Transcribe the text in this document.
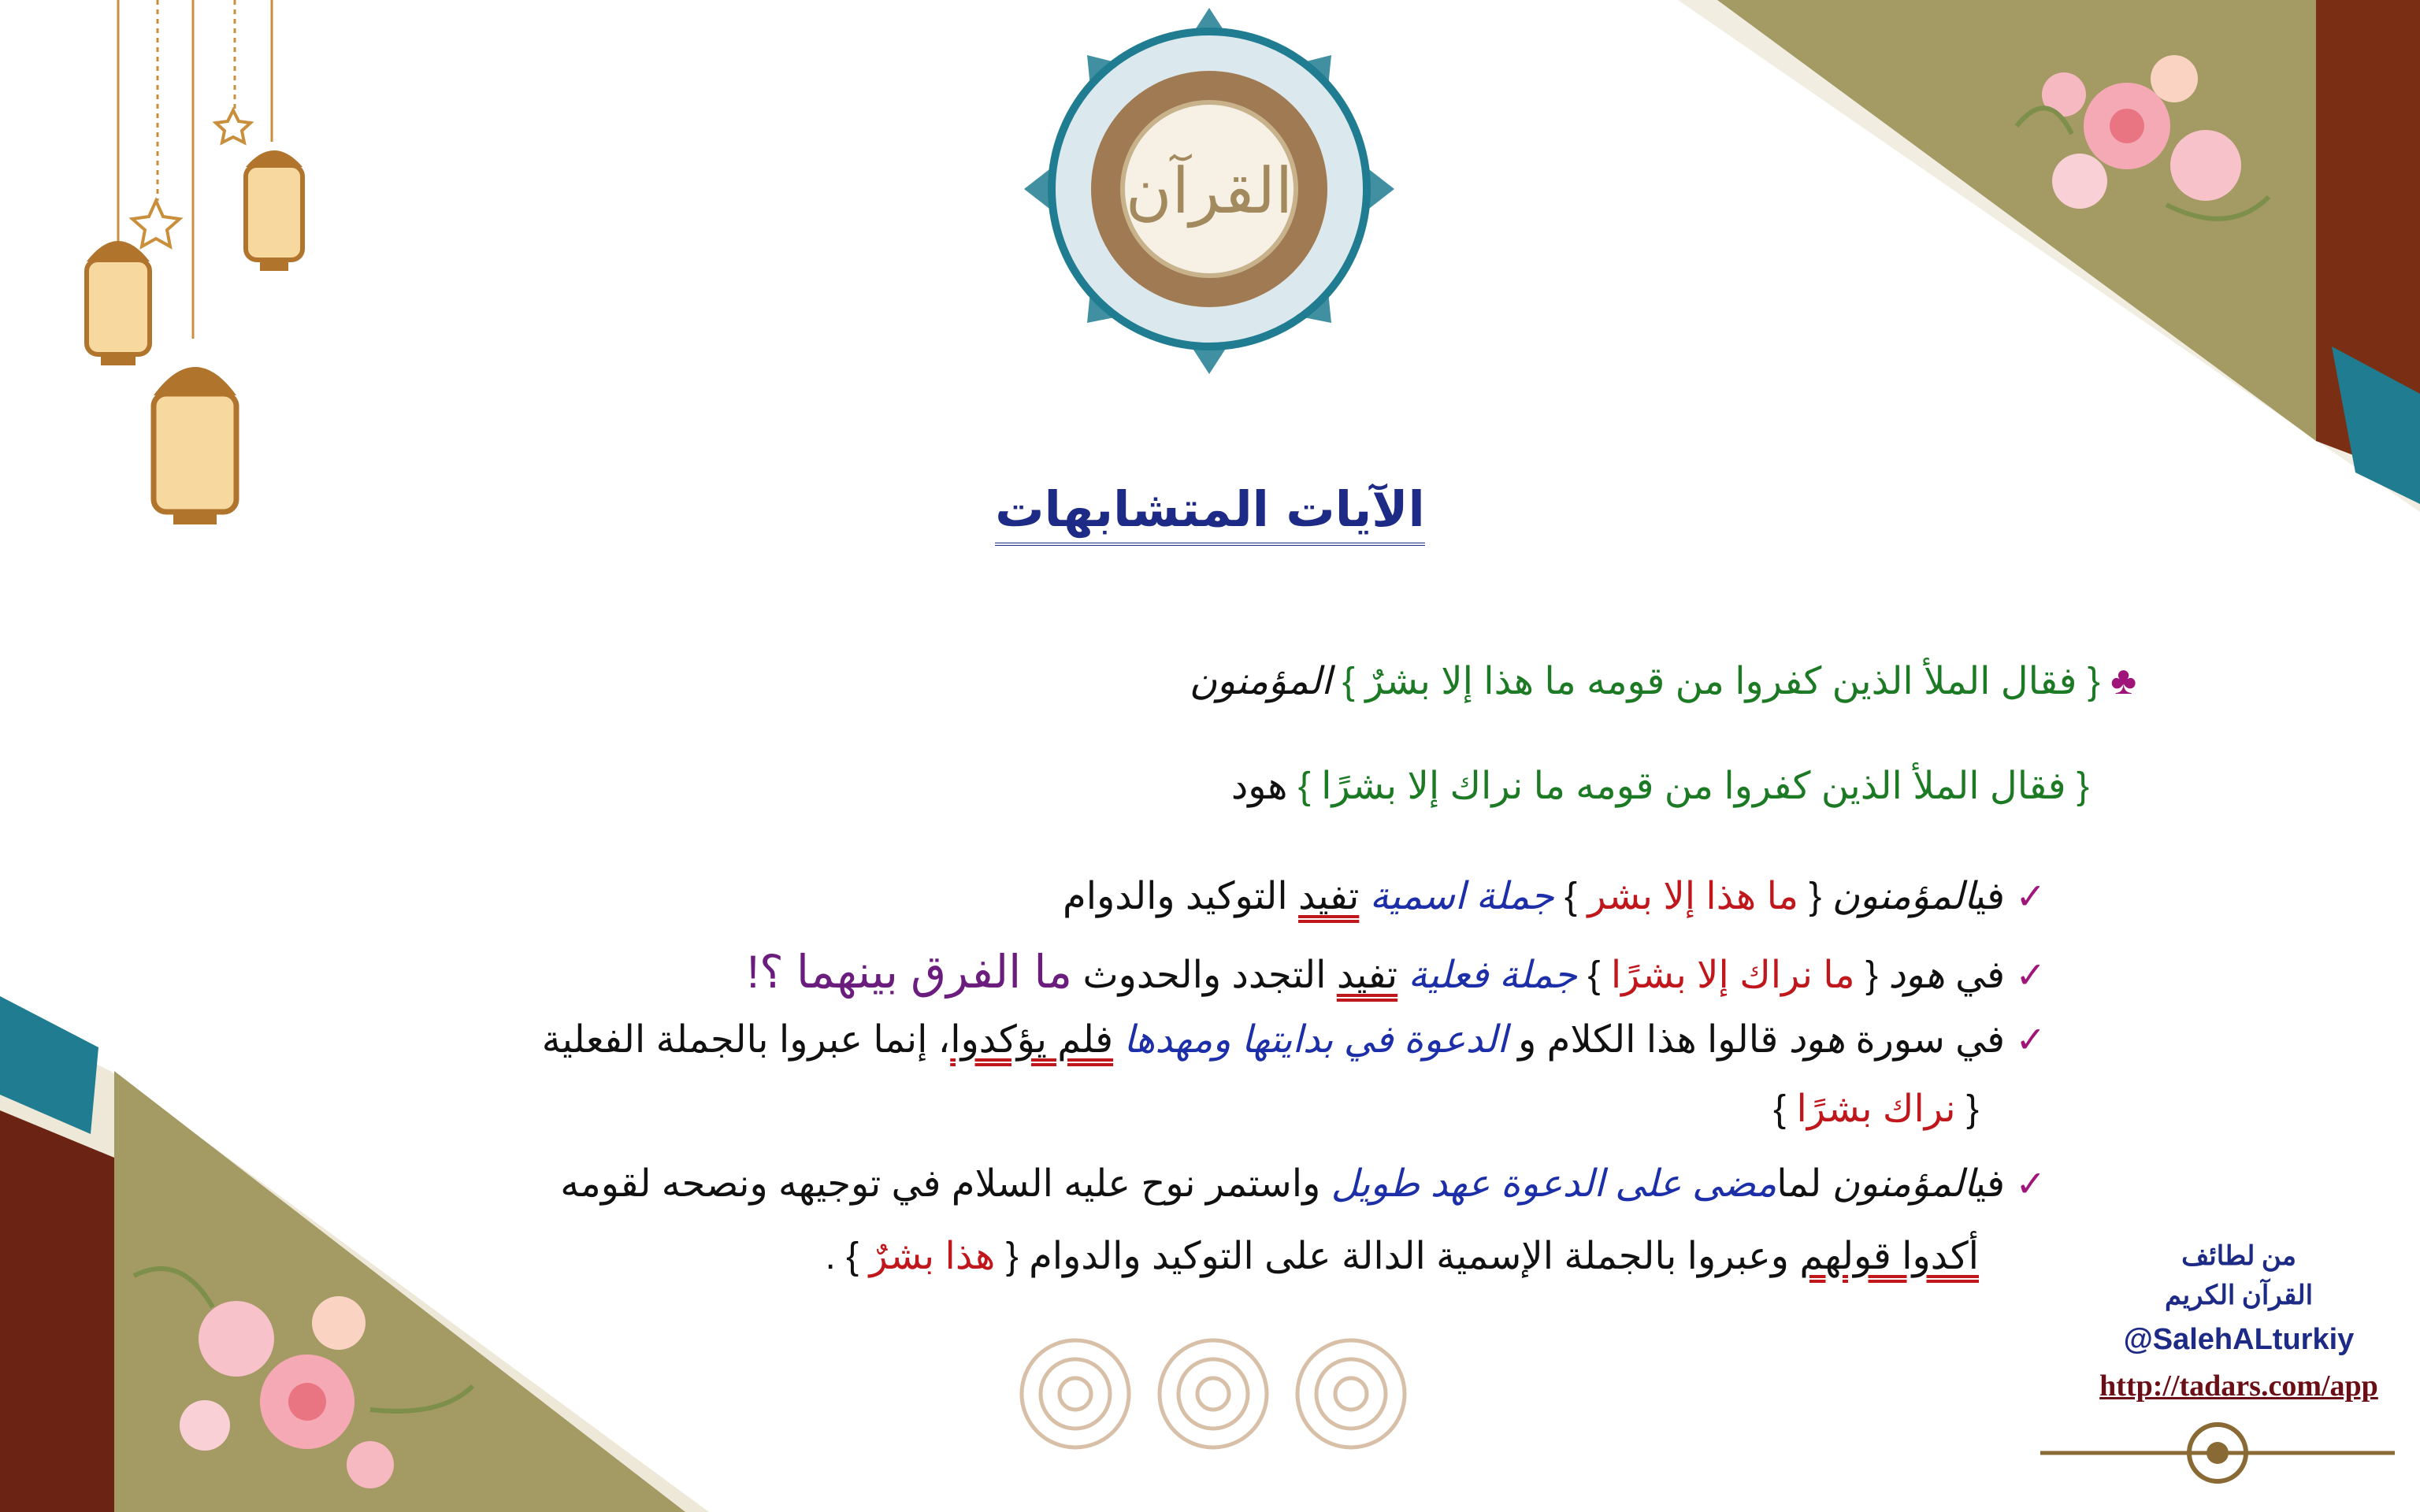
القرآن
الآيات المتشابهات
♣ { فقال الملأ الذين كفروا من قومه ما هذا إلا بشرٌ } المؤمنون
{ فقال الملأ الذين كفروا من قومه ما نراك إلا بشرًا } هود
✓ فيالمؤمنون { ما هذا إلا بشر } جملة اسمية تفيد التوكيد والدوام
✓ في هود { ما نراك إلا بشرًا } جملة فعلية تفيد التجدد والحدوث ما الفرق بينهما ؟!
✓ في سورة هود قالوا هذا الكلام و الدعوة في بدايتها ومهدها فلم يؤكدوا، إنما عبروا بالجملة الفعلية
{ نراك بشرًا }
✓ فيالمؤمنون لمامضى على الدعوة عهد طويل واستمر نوح عليه السلام في توجيهه ونصحه لقومه
أكدوا قولهم وعبروا بالجملة الإسمية الدالة على التوكيد والدوام { هذا بشرٌ } .	من لطائف
القرآن الكريم
@SalehALturkiy
http://tadars.com/app
